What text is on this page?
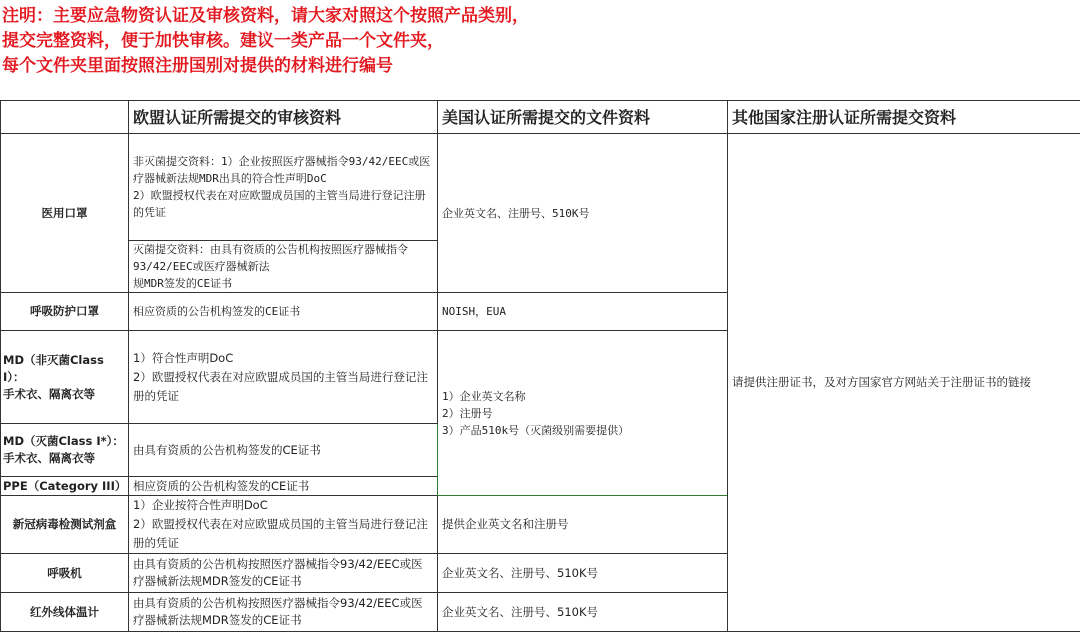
注明：主要应急物资认证及审核资料，请大家对照这个按照产品类别，
提交完整资料，便于加快审核。建议一类产品一个文件夹，
每个文件夹里面按照注册国别对提供的材料进行编号
	欧盟认证所需提交的审核资料	美国认证所需提交的文件资料	其他国家注册认证所需提交资料
医用口罩	非灭菌提交资料：1）企业按照医疗器械指令93/42/EEC或医疗器械新法规MDR出具的符合性声明DoC
2）欧盟授权代表在对应欧盟成员国的主管当局进行登记注册的凭证	企业英文名、注册号、510K号	请提供注册证书，及对方国家官方网站关于注册证书的链接

	灭菌提交资料：由具有资质的公告机构按照医疗器械指令93/42/EEC或医疗器械新法
规MDR签发的CE证书		

呼吸防护口罩	相应资质的公告机构签发的CE证书	NOISH，EUA	

MD（非灭菌Class I）：
手术衣、隔离衣等	1）符合性声明DoC
2）欧盟授权代表在对应欧盟成员国的主管当局进行登记注册的凭证	1）企业英文名称
2）注册号
3）产品510k号（灭菌级别需要提供）	

MD（灭菌Class I*）：
手术衣、隔离衣等	由具有资质的公告机构签发的CE证书		
PPE（Category III）	相应资质的公告机构签发的CE证书		
新冠病毒检测试剂盒	1）企业按符合性声明DoC
2）欧盟授权代表在对应欧盟成员国的主管当局进行登记注册的凭证	提供企业英文名和注册号	
呼吸机	由具有资质的公告机构按照医疗器械指令93/42/EEC或医疗器械新法规MDR签发的CE证书	企业英文名、注册号、510K号	
红外线体温计	由具有资质的公告机构按照医疗器械指令93/42/EEC或医疗器械新法规MDR签发的CE证书	企业英文名、注册号、510K号	
